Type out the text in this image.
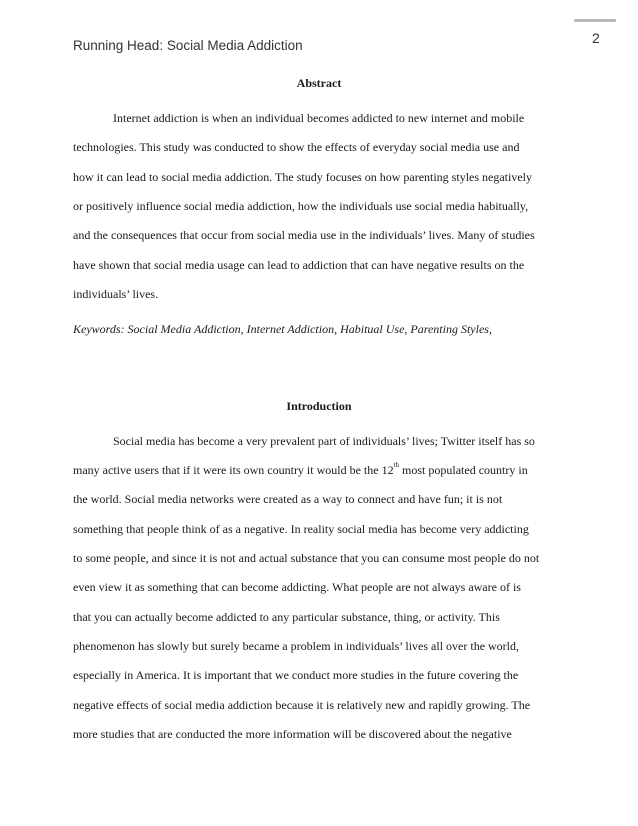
2
Running Head: Social Media Addiction
Abstract
Internet addiction is when an individual becomes addicted to new internet and mobile
technologies. This study was conducted to show the effects of everyday social media use and
how it can lead to social media addiction. The study focuses on how parenting styles negatively
or positively influence social media addiction, how the individuals use social media habitually,
and the consequences that occur from social media use in the individuals’ lives. Many of studies
have shown that social media usage can lead to addiction that can have negative results on the
individuals’ lives.
Keywords: Social Media Addiction, Internet Addiction, Habitual Use, Parenting Styles,
Introduction
Social media has become a very prevalent part of individuals’ lives; Twitter itself has so
many active users that if it were its own country it would be the 12th most populated country in
the world. Social media networks were created as a way to connect and have fun; it is not
something that people think of as a negative. In reality social media has become very addicting
to some people, and since it is not and actual substance that you can consume most people do not
even view it as something that can become addicting. What people are not always aware of is
that you can actually become addicted to any particular substance, thing, or activity. This
phenomenon has slowly but surely became a problem in individuals’ lives all over the world,
especially in America. It is important that we conduct more studies in the future covering the
negative effects of social media addiction because it is relatively new and rapidly growing. The
more studies that are conducted the more information will be discovered about the negative
